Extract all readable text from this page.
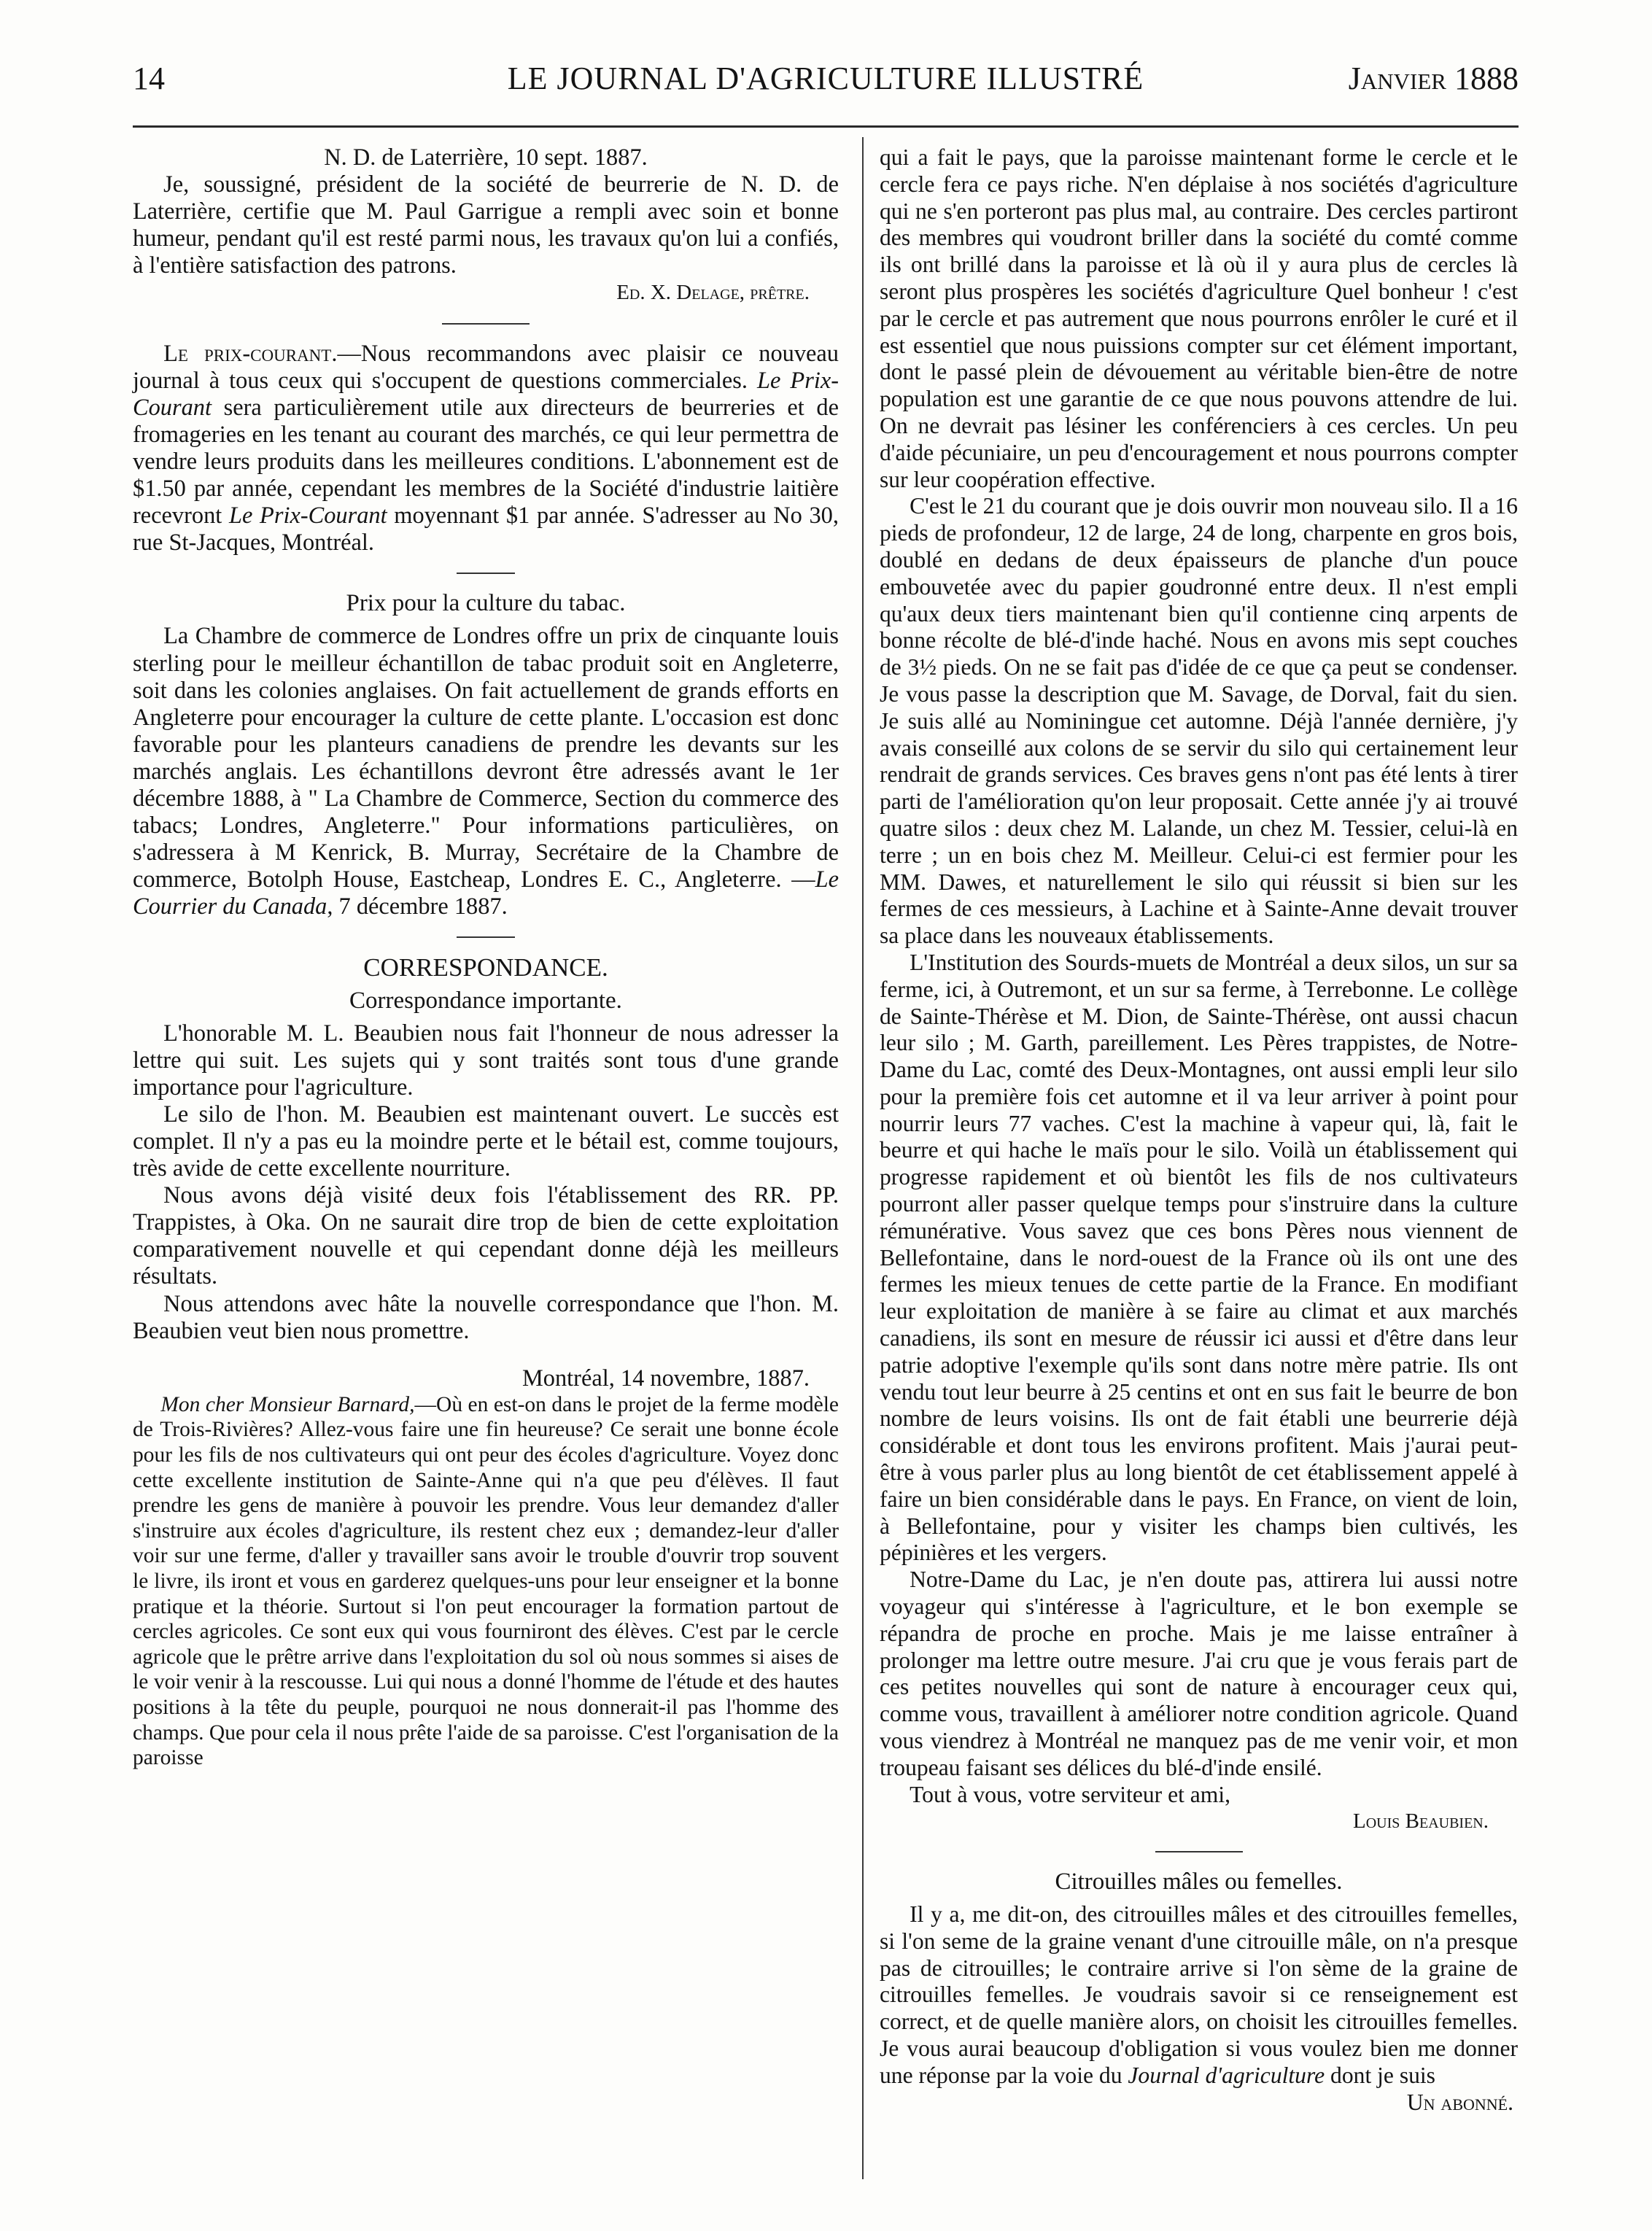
14	LE JOURNAL D'AGRICULTURE ILLUSTRÉ	Janvier 1888

N. D. de Laterrière, 10 sept. 1887.

Je, soussigné, président de la société de beurrerie de N. D. de Laterrière, certifie que M. Paul Garrigue a rempli avec soin et bonne humeur, pendant qu'il est resté parmi nous, les travaux qu'on lui a confiés, à l'entière satisfaction des patrons.

Ed. X. Delage, prêtre.

Le prix-courant.—Nous recommandons avec plaisir ce nouveau journal à tous ceux qui s'occupent de questions commerciales. Le Prix-Courant sera particulièrement utile aux directeurs de beurreries et de fromageries en les tenant au courant des marchés, ce qui leur permettra de vendre leurs produits dans les meilleures conditions. L'abonnement est de $1.50 par année, cependant les membres de la Société d'industrie laitière recevront Le Prix-Courant moyennant $1 par année. S'adresser au No 30, rue St-Jacques, Montréal.

Prix pour la culture du tabac.

La Chambre de commerce de Londres offre un prix de cinquante louis sterling pour le meilleur échantillon de tabac produit soit en Angleterre, soit dans les colonies anglaises. On fait actuellement de grands efforts en Angleterre pour encourager la culture de cette plante. L'occasion est donc favorable pour les planteurs canadiens de prendre les devants sur les marchés anglais. Les échantillons devront être adressés avant le 1er décembre 1888, à " La Chambre de Commerce, Section du commerce des tabacs; Londres, Angleterre." Pour informations particulières, on s'adressera à M Kenrick, B. Murray, Secrétaire de la Chambre de commerce, Botolph House, Eastcheap, Londres E. C., Angleterre. —Le Courrier du Canada, 7 décembre 1887.

CORRESPONDANCE.
Correspondance importante.

L'honorable M. L. Beaubien nous fait l'honneur de nous adresser la lettre qui suit. Les sujets qui y sont traités sont tous d'une grande importance pour l'agriculture.

Le silo de l'hon. M. Beaubien est maintenant ouvert. Le succès est complet. Il n'y a pas eu la moindre perte et le bétail est, comme toujours, très avide de cette excellente nourriture.

Nous avons déjà visité deux fois l'établissement des RR. PP. Trappistes, à Oka. On ne saurait dire trop de bien de cette exploitation comparativement nouvelle et qui cependant donne déjà les meilleurs résultats.

Nous attendons avec hâte la nouvelle correspondance que l'hon. M. Beaubien veut bien nous promettre.

Montréal, 14 novembre, 1887.

Mon cher Monsieur Barnard,—Où en est-on dans le projet de la ferme modèle de Trois-Rivières? Allez-vous faire une fin heureuse? Ce serait une bonne école pour les fils de nos cultivateurs qui ont peur des écoles d'agriculture. Voyez donc cette excellente institution de Sainte-Anne qui n'a que peu d'élèves. Il faut prendre les gens de manière à pouvoir les prendre. Vous leur demandez d'aller s'instruire aux écoles d'agriculture, ils restent chez eux ; demandez-leur d'aller voir sur une ferme, d'aller y travailler sans avoir le trouble d'ouvrir trop souvent le livre, ils iront et vous en garderez quelques-uns pour leur enseigner et la bonne pratique et la théorie. Surtout si l'on peut encourager la formation partout de cercles agricoles. Ce sont eux qui vous fourniront des élèves. C'est par le cercle agricole que le prêtre arrive dans l'exploitation du sol où nous sommes si aises de le voir venir à la rescousse. Lui qui nous a donné l'homme de l'étude et des hautes positions à la tête du peuple, pourquoi ne nous donnerait-il pas l'homme des champs. Que pour cela il nous prête l'aide de sa paroisse. C'est l'organisation de la paroisse

qui a fait le pays, que la paroisse maintenant forme le cercle et le cercle fera ce pays riche. N'en déplaise à nos sociétés d'agriculture qui ne s'en porteront pas plus mal, au contraire. Des cercles partiront des membres qui voudront briller dans la société du comté comme ils ont brillé dans la paroisse et là où il y aura plus de cercles là seront plus prospères les sociétés d'agriculture Quel bonheur ! c'est par le cercle et pas autrement que nous pourrons enrôler le curé et il est essentiel que nous puissions compter sur cet élément important, dont le passé plein de dévouement au véritable bien-être de notre population est une garantie de ce que nous pouvons attendre de lui. On ne devrait pas lésiner les conférenciers à ces cercles. Un peu d'aide pécuniaire, un peu d'encouragement et nous pourrons compter sur leur coopération effective.

C'est le 21 du courant que je dois ouvrir mon nouveau silo. Il a 16 pieds de profondeur, 12 de large, 24 de long, charpente en gros bois, doublé en dedans de deux épaisseurs de planche d'un pouce embouvetée avec du papier goudronné entre deux. Il n'est empli qu'aux deux tiers maintenant bien qu'il contienne cinq arpents de bonne récolte de blé-d'inde haché. Nous en avons mis sept couches de 3½ pieds. On ne se fait pas d'idée de ce que ça peut se condenser. Je vous passe la description que M. Savage, de Dorval, fait du sien. Je suis allé au Nominingue cet automne. Déjà l'année dernière, j'y avais conseillé aux colons de se servir du silo qui certainement leur rendrait de grands services. Ces braves gens n'ont pas été lents à tirer parti de l'amélioration qu'on leur proposait. Cette année j'y ai trouvé quatre silos : deux chez M. Lalande, un chez M. Tessier, celui-là en terre ; un en bois chez M. Meilleur. Celui-ci est fermier pour les MM. Dawes, et naturellement le silo qui réussit si bien sur les fermes de ces messieurs, à Lachine et à Sainte-Anne devait trouver sa place dans les nouveaux établissements.

L'Institution des Sourds-muets de Montréal a deux silos, un sur sa ferme, ici, à Outremont, et un sur sa ferme, à Terrebonne. Le collège de Sainte-Thérèse et M. Dion, de Sainte-Thérèse, ont aussi chacun leur silo ; M. Garth, pareillement. Les Pères trappistes, de Notre-Dame du Lac, comté des Deux-Montagnes, ont aussi empli leur silo pour la première fois cet automne et il va leur arriver à point pour nourrir leurs 77 vaches. C'est la machine à vapeur qui, là, fait le beurre et qui hache le maïs pour le silo. Voilà un établissement qui progresse rapidement et où bientôt les fils de nos cultivateurs pourront aller passer quelque temps pour s'instruire dans la culture rémunérative. Vous savez que ces bons Pères nous viennent de Bellefontaine, dans le nord-ouest de la France où ils ont une des fermes les mieux tenues de cette partie de la France. En modifiant leur exploitation de manière à se faire au climat et aux marchés canadiens, ils sont en mesure de réussir ici aussi et d'être dans leur patrie adoptive l'exemple qu'ils sont dans notre mère patrie. Ils ont vendu tout leur beurre à 25 centins et ont en sus fait le beurre de bon nombre de leurs voisins. Ils ont de fait établi une beurrerie déjà considérable et dont tous les environs profitent. Mais j'aurai peut-être à vous parler plus au long bientôt de cet établissement appelé à faire un bien considérable dans le pays. En France, on vient de loin, à Bellefontaine, pour y visiter les champs bien cultivés, les pépinières et les vergers.

Notre-Dame du Lac, je n'en doute pas, attirera lui aussi notre voyageur qui s'intéresse à l'agriculture, et le bon exemple se répandra de proche en proche. Mais je me laisse entraîner à prolonger ma lettre outre mesure. J'ai cru que je vous ferais part de ces petites nouvelles qui sont de nature à encourager ceux qui, comme vous, travaillent à améliorer notre condition agricole. Quand vous viendrez à Montréal ne manquez pas de me venir voir, et mon troupeau faisant ses délices du blé-d'inde ensilé.

Tout à vous, votre serviteur et ami,

Louis Beaubien.

Citrouilles mâles ou femelles.

Il y a, me dit-on, des citrouilles mâles et des citrouilles femelles, si l'on seme de la graine venant d'une citrouille mâle, on n'a presque pas de citrouilles; le contraire arrive si l'on sème de la graine de citrouilles femelles. Je voudrais savoir si ce renseignement est correct, et de quelle manière alors, on choisit les citrouilles femelles. Je vous aurai beaucoup d'obligation si vous voulez bien me donner une réponse par la voie du Journal d'agriculture dont je suis

Un abonné.
